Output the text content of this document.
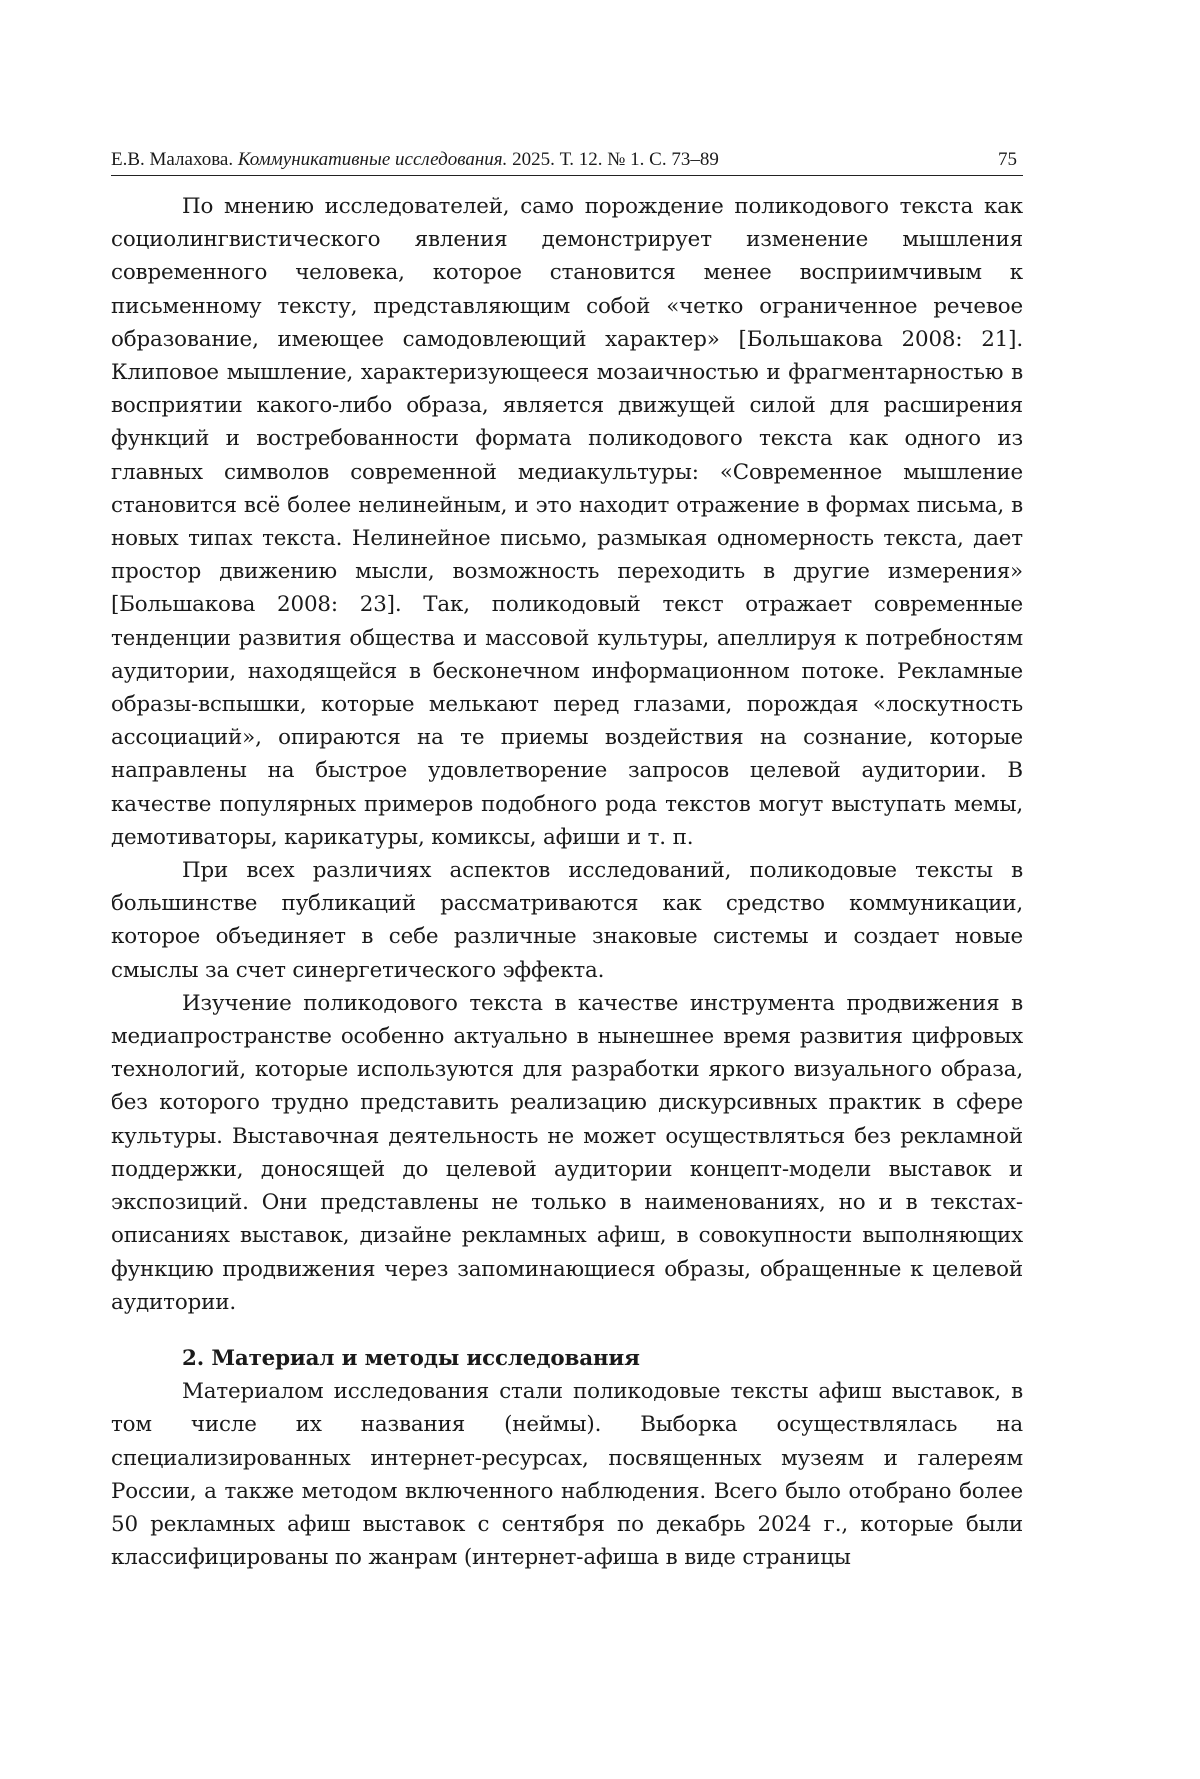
Е.В. Малахова. Коммуникативные исследования. 2025. Т. 12. № 1. С. 73–89	75

По мнению исследователей, само порождение поликодового текста как социолингвистического явления демонстрирует изменение мышления современного человека, которое становится менее восприимчивым к письменному тексту, представляющим собой «четко ограниченное речевое образование, имеющее самодовлеющий характер» [Большакова 2008: 21]. Клиповое мышление, характеризующееся мозаичностью и фрагментарностью в восприятии какого-либо образа, является движущей силой для расширения функций и востребованности формата поликодового текста как одного из главных символов современной медиакультуры: «Современное мышление становится всё более нелинейным, и это находит отражение в формах письма, в новых типах текста. Нелинейное письмо, размыкая одномерность текста, дает простор движению мысли, возможность переходить в другие измерения» [Большакова 2008: 23]. Так, поликодовый текст отражает современные тенденции развития общества и массовой культуры, апеллируя к потребностям аудитории, находящейся в бесконечном информационном потоке. Рекламные образы-вспышки, которые мелькают перед глазами, порождая «лоскутность ассоциаций», опираются на те приемы воздействия на сознание, которые направлены на быстрое удовлетворение запросов целевой аудитории. В качестве популярных примеров подобного рода текстов могут выступать мемы, демотиваторы, карикатуры, комиксы, афиши и т. п.

При всех различиях аспектов исследований, поликодовые тексты в большинстве публикаций рассматриваются как средство коммуникации, которое объединяет в себе различные знаковые системы и создает новые смыслы за счет синергетического эффекта.

Изучение поликодового текста в качестве инструмента продвижения в медиапространстве особенно актуально в нынешнее время развития цифровых технологий, которые используются для разработки яркого визуального образа, без которого трудно представить реализацию дискурсивных практик в сфере культуры. Выставочная деятельность не может осуществляться без рекламной поддержки, доносящей до целевой аудитории концепт-модели выставок и экспозиций. Они представлены не только в наименованиях, но и в текстах-описаниях выставок, дизайне рекламных афиш, в совокупности выполняющих функцию продвижения через запоминающиеся образы, обращенные к целевой аудитории.

2. Материал и методы исследования

Материалом исследования стали поликодовые тексты афиш выставок, в том числе их названия (неймы). Выборка осуществлялась на специализированных интернет-ресурсах, посвященных музеям и галереям России, а также методом включенного наблюдения. Всего было отобрано более 50 рекламных афиш выставок с сентября по декабрь 2024 г., которые были классифицированы по жанрам (интернет-афиша в виде страницы
